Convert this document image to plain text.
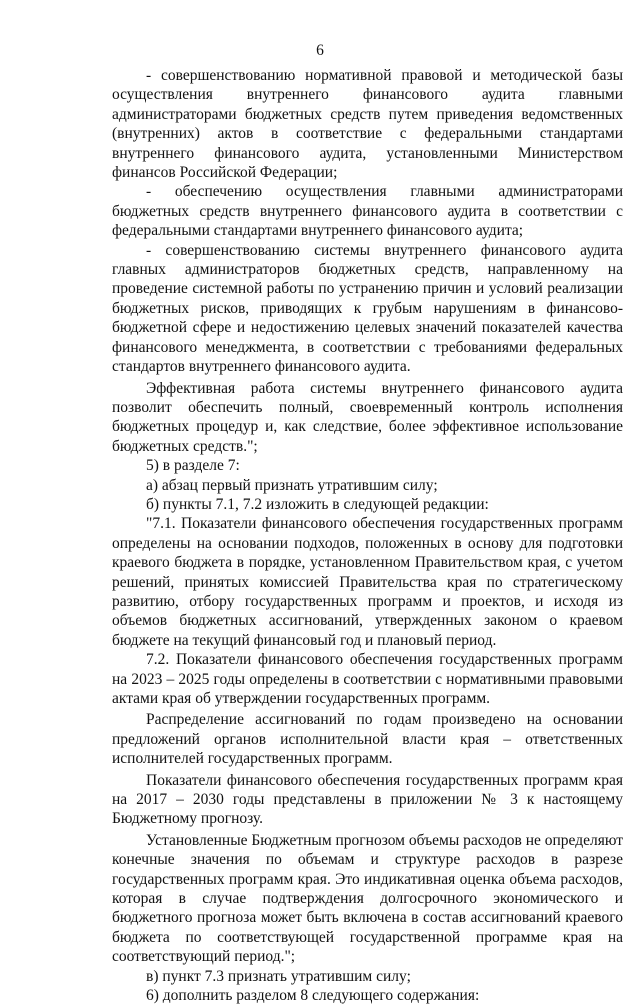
6

- совершенствованию нормативной правовой и методической базы осуществления внутреннего финансового аудита главными администраторами бюджетных средств путем приведения ведомственных (внутренних) актов в соответствие с федеральными стандартами внутреннего финансового аудита, установленными Министерством финансов Российской Федерации;

- обеспечению осуществления главными администраторами бюджетных средств внутреннего финансового аудита в соответствии с федеральными стандартами внутреннего финансового аудита;

- совершенствованию системы внутреннего финансового аудита главных администраторов бюджетных средств, направленному на проведение системной работы по устранению причин и условий реализации бюджетных рисков, приводящих к грубым нарушениям в финансово-бюджетной сфере и недостижению целевых значений показателей качества финансового менеджмента, в соответствии с требованиями федеральных стандартов внутреннего финансового аудита.

Эффективная работа системы внутреннего финансового аудита позволит обеспечить полный, своевременный контроль исполнения бюджетных процедур и, как следствие, более эффективное использование бюджетных средств.";

5) в разделе 7:

а) абзац первый признать утратившим силу;

б) пункты 7.1, 7.2 изложить в следующей редакции:

"7.1. Показатели финансового обеспечения государственных программ определены на основании подходов, положенных в основу для подготовки краевого бюджета в порядке, установленном Правительством края, с учетом решений, принятых комиссией Правительства края по стратегическому развитию, отбору государственных программ и проектов, и исходя из объемов бюджетных ассигнований, утвержденных законом о краевом бюджете на текущий финансовый год и плановый период.

7.2. Показатели финансового обеспечения государственных программ на 2023 – 2025 годы определены в соответствии с нормативными правовыми актами края об утверждении государственных программ.

Распределение ассигнований по годам произведено на основании предложений органов исполнительной власти края – ответственных исполнителей государственных программ.

Показатели финансового обеспечения государственных программ края на 2017 – 2030 годы представлены в приложении № 3 к настоящему Бюджетному прогнозу.

Установленные Бюджетным прогнозом объемы расходов не определяют конечные значения по объемам и структуре расходов в разрезе государственных программ края. Это индикативная оценка объема расходов, которая в случае подтверждения долгосрочного экономического и бюджетного прогноза может быть включена в состав ассигнований краевого бюджета по соответствующей государственной программе края на соответствующий период.";

в) пункт 7.3 признать утратившим силу;

6) дополнить разделом 8 следующего содержания:
